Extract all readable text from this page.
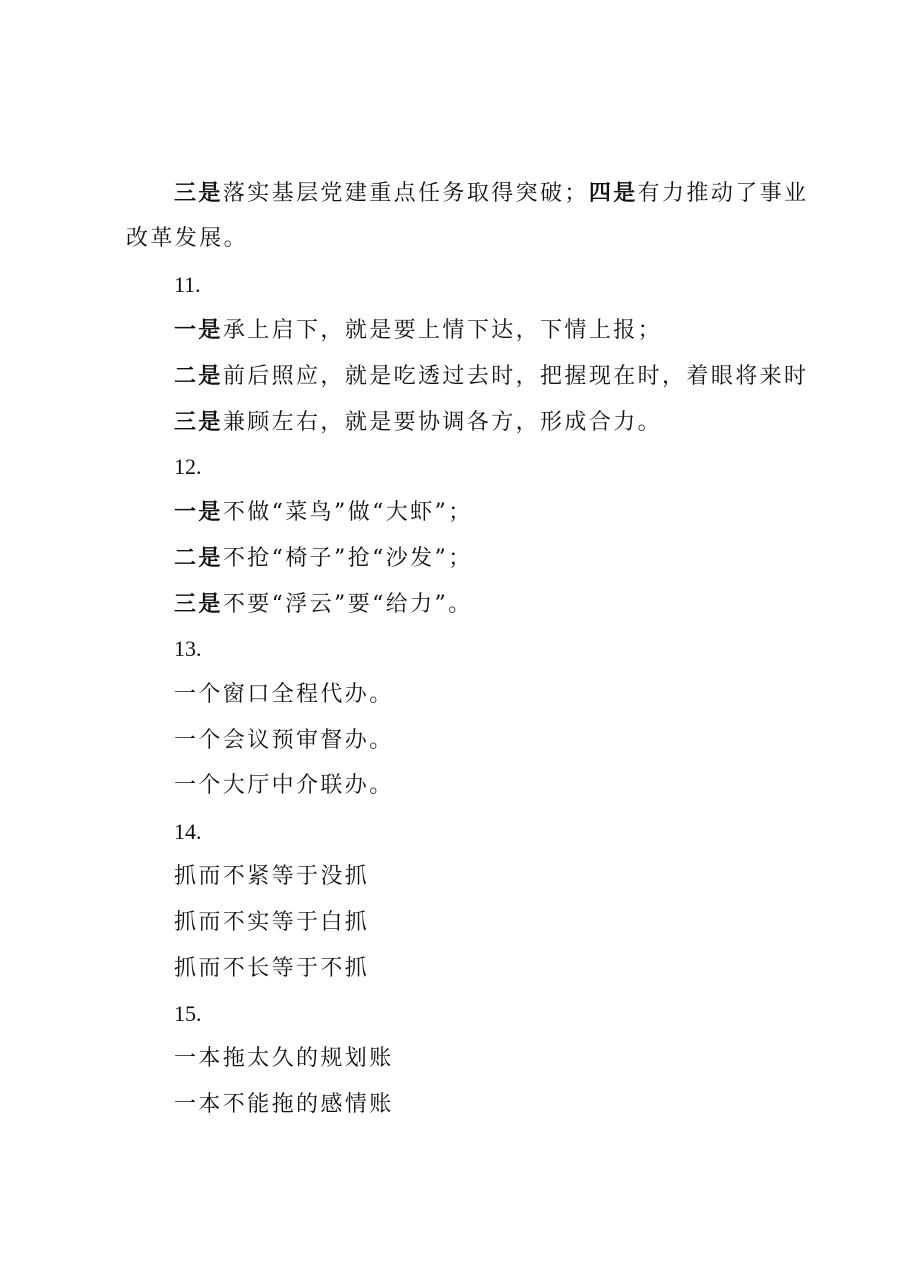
三是落实基层党建重点任务取得突破；四是有力推动了事业
改革发展。
11.
一是承上启下，就是要上情下达，下情上报；
二是前后照应，就是吃透过去时，把握现在时，着眼将来时
三是兼顾左右，就是要协调各方，形成合力。
12.
一是不做“菜鸟”做“大虾”；
二是不抢“椅子”抢“沙发”；
三是不要“浮云”要“给力”。
13.
一个窗口全程代办。
一个会议预审督办。
一个大厅中介联办。
14.
抓而不紧等于没抓
抓而不实等于白抓
抓而不长等于不抓
15.
一本拖太久的规划账
一本不能拖的感情账
